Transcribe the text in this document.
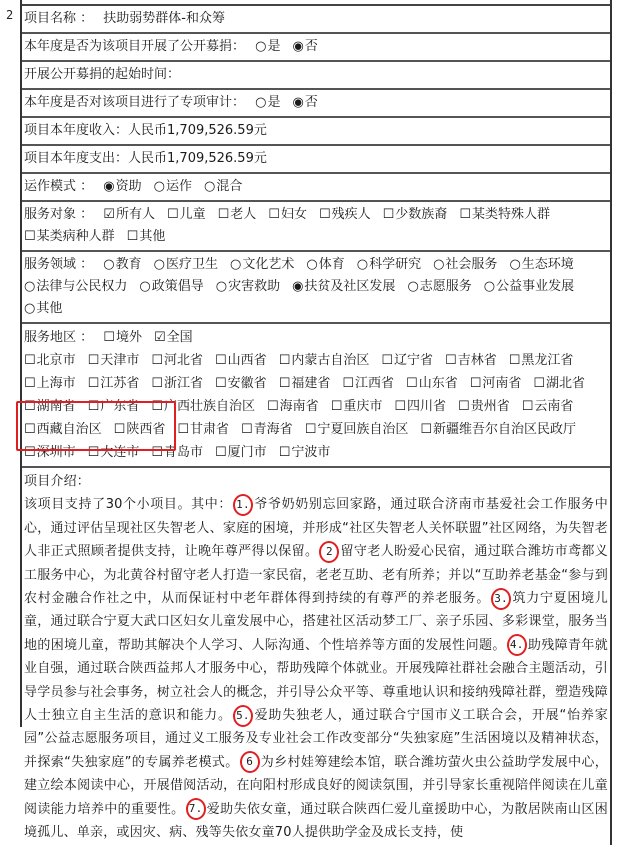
2 项目名称 ： 扶助弱势群体-和众筹
本年度是否为该项目开展了公开募捐： ○是 ◉否
开展公开募捐的起始时间：
本年度是否对该项目进行了专项审计： ○是 ◉否
项目本年度收入：人民币1,709,526.59元
项目本年度支出：人民币1,709,526.59元
运作模式 ： ◉资助 ○运作 ○混合
服务对象 ： ☑所有人 ☐儿童 ☐老人 ☐妇女 ☐残疾人 ☐少数族裔 ☐某类特殊人群☐某类病种人群 ☐其他
服务领域 ： ○教育 ○医疗卫生 ○文化艺术 ○体育 ○科学研究 ○社会服务 ○生态环境○法律与公民权力 ○政策倡导 ○灾害救助 ◉扶贫及社区发展 ○志愿服务 ○公益事业发展○其他
服务地区 ： ☐境外 ☑全国
☐北京市 ☐天津市 ☐河北省 ☐山西省 ☐内蒙古自治区 ☐辽宁省 ☐吉林省 ☐黑龙江省☐上海市 ☐江苏省 ☐浙江省 ☐安徽省 ☐福建省 ☐江西省 ☐山东省 ☐河南省 ☐湖北省☐湖南省 ☐广东省 ☐广西壮族自治区 ☐海南省 ☐重庆市 ☐四川省 ☐贵州省 ☐云南省☐西藏自治区 ☐陕西省 ☐甘肃省 ☐青海省 ☐宁夏回族自治区 ☐新疆维吾尔自治区民政厅☐深圳市 ☐大连市 ☐青岛市 ☐厦门市 ☐宁波市
项目介绍：
该项目支持了30个小项目。其中： 1. 爷爷奶奶别忘回家路，通过联合济南市基爱社会工作服务中心，通过评估呈现社区失智老人、家庭的困境，并形成“社区失智老人关怀联盟”社区网络，为失智老人非正式照顾者提供支持，让晚年尊严得以保留。 2 留守老人盼爱心民宿，通过联合潍坊市鸢都义工服务中心，为北黄谷村留守老人打造一家民宿，老老互助、老有所养；并以“互助养老基金“参与到农村金融合作社之中，从而保证村中老年群体得到持续的有尊严的养老服务。 3. 筑力宁夏困境儿童，通过联合宁夏大武口区妇女儿童发展中心，搭建社区活动梦工厂、亲子乐园、多彩课堂，服务当地的困境儿童，帮助其解决个人学习、人际沟通、个性培养等方面的发展性问题。 4. 助残障青年就业自强，通过联合陕西益邦人才服务中心，帮助残障个体就业。开展残障社群社会融合主题活动，引导学员参与社会事务，树立社会人的概念，并引导公众平等、尊重地认识和接纳残障社群，塑造残障人士独立自主生活的意识和能力。 5. 爱助失独老人，通过联合宁国市义工联合会，开展“怡养家园”公益志愿服务项目，通过义工服务及专业社会工作改变部分“失独家庭”生活困境以及精神状态，并探索“失独家庭”的专属养老模式。 6 为乡村娃筹建绘本馆，联合潍坊萤火虫公益助学发展中心，建立绘本阅读中心，开展借阅活动，在向阳村形成良好的阅读氛围，并引导家长重视陪伴阅读在儿童阅读能力培养中的重要性。 7. 爱助失依女童，通过联合陕西仁爱儿童援助中心，为散居陕南山区困境孤儿、单亲，或因灾、病、残等失依女童70人提供助学金及成长支持，使
